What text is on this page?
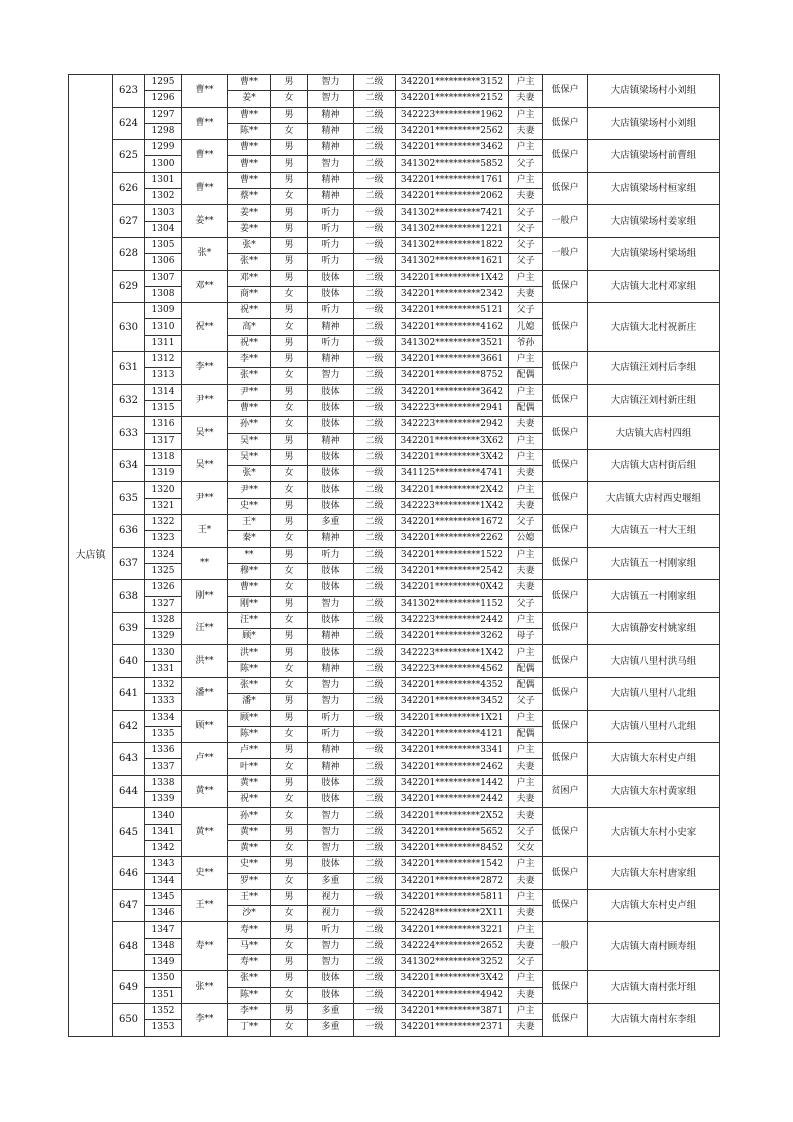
大店镇	623	1295	曹**	曹**	男	智力	二级	342201**********3152	户主	低保户	大店镇梁场村小刘组
		1296		姜*	女	智力	二级	342201**********2152	夫妻		
	624	1297	曹**	曹**	男	精神	二级	342223**********1962	户主	低保户	大店镇梁场村小刘组
		1298		陈**	女	精神	二级	342201**********2562	夫妻		
	625	1299	曹**	曹**	男	精神	二级	342201**********3462	户主	低保户	大店镇梁场村前曹组
		1300		曹**	男	智力	二级	341302**********5852	父子		
	626	1301	曹**	曹**	男	精神	一级	342201**********1761	户主	低保户	大店镇梁场村桓家组
		1302		蔡**	女	精神	二级	342201**********2062	夫妻		
	627	1303	姜**	姜**	男	听力	一级	341302**********7421	父子	一般户	大店镇梁场村姜家组
		1304		姜**	男	听力	一级	341302**********1221	父子		
	628	1305	张*	张*	男	听力	一级	341302**********1822	父子	一般户	大店镇梁场村梁场组
		1306		张**	男	听力	一级	341302**********1621	父子		
	629	1307	邓**	邓**	男	肢体	二级	342201**********1X42	户主	低保户	大店镇大北村邓家组
		1308		商**	女	肢体	二级	342201**********2342	夫妻		
	630	1309	祝**	祝**	男	听力	一级	342201**********5121	父子	低保户	大店镇大北村祝新庄
		1310		高*	女	精神	二级	342201**********4162	儿媳		
		1311		祝**	男	听力	一级	341302**********3521	爷孙		
	631	1312	李**	李**	男	精神	一级	342201**********3661	户主	低保户	大店镇汪刘村后李组
		1313		张**	女	智力	二级	342201**********8752	配偶		
	632	1314	尹**	尹**	男	肢体	二级	342201**********3642	户主	低保户	大店镇汪刘村新庄组
		1315		曹**	女	肢体	一级	342223**********2941	配偶		
	633	1316	吴**	孙**	女	肢体	二级	342223**********2942	夫妻	低保户	大店镇大店村四组
		1317		吴**	男	精神	二级	342201**********3X62	户主		
	634	1318	吴**	吴**	男	肢体	二级	342201**********3X42	户主	低保户	大店镇大店村街后组
		1319		张*	女	肢体	一级	341125**********4741	夫妻		
	635	1320	尹**	尹**	女	肢体	二级	342201**********2X42	户主	低保户	大店镇大店村西史堰组
		1321		史**	男	肢体	二级	342223**********1X42	夫妻		
	636	1322	王*	王*	男	多重	二级	342201**********1672	父子	低保户	大店镇五一村大王组
		1323		秦*	女	精神	二级	342201**********2262	公媳		
	637	1324	**	**	男	听力	二级	342201**********1522	户主	低保户	大店镇五一村刚家组
		1325		穆**	女	肢体	二级	342201**********2542	夫妻		
	638	1326	刚**	曹**	女	肢体	二级	342201**********0X42	夫妻	低保户	大店镇五一村刚家组
		1327		刚**	男	智力	二级	341302**********1152	父子		
	639	1328	汪**	汪**	女	肢体	二级	342223**********2442	户主	低保户	大店镇静安村姚家组
		1329		顾*	男	精神	二级	342201**********3262	母子		
	640	1330	洪**	洪**	男	肢体	二级	342223**********1X42	户主	低保户	大店镇八里村洪马组
		1331		陈**	女	精神	二级	342223**********4562	配偶		
	641	1332	潘**	张**	女	智力	二级	342201**********4352	配偶	低保户	大店镇八里村八北组
		1333		潘*	男	智力	二级	342201**********3452	父子		
	642	1334	顾**	顾**	男	听力	一级	342201**********1X21	户主	低保户	大店镇八里村八北组
		1335		陈**	女	听力	一级	342201**********4121	配偶		
	643	1336	卢**	卢**	男	精神	一级	342201**********3341	户主	低保户	大店镇大东村史卢组
		1337		叶**	女	精神	二级	342201**********2462	夫妻		
	644	1338	黄**	黄**	男	肢体	二级	342201**********1442	户主	贫困户	大店镇大东村黄家组
		1339		祝**	女	肢体	二级	342201**********2442	夫妻		
	645	1340	黄**	孙**	女	智力	二级	342201**********2X52	夫妻	低保户	大店镇大东村小史家
		1341		黄**	男	智力	二级	342201**********5652	父子		
		1342		黄**	女	智力	二级	342201**********8452	父女		
	646	1343	史**	史**	男	肢体	二级	342201**********1542	户主	低保户	大店镇大东村唐家组
		1344		罗**	女	多重	二级	342201**********2872	夫妻		
	647	1345	王**	王**	男	视力	一级	342201**********5811	户主	低保户	大店镇大东村史卢组
		1346		沙*	女	视力	一级	522428**********2X11	夫妻		
	648	1347	寿**	寿**	男	听力	二级	342201**********3221	户主	一般户	大店镇大南村顾寿组
		1348		马**	女	智力	二级	342224**********2652	夫妻		
		1349		寿**	男	智力	二级	341302**********3252	父子		
	649	1350	张**	张**	男	肢体	二级	342201**********3X42	户主	低保户	大店镇大南村张圩组
		1351		陈**	女	肢体	二级	342201**********4942	夫妻		
	650	1352	李**	李**	男	多重	一级	342201**********3871	户主	低保户	大店镇大南村东李组
		1353		丁**	女	多重	一级	342201**********2371	夫妻		
